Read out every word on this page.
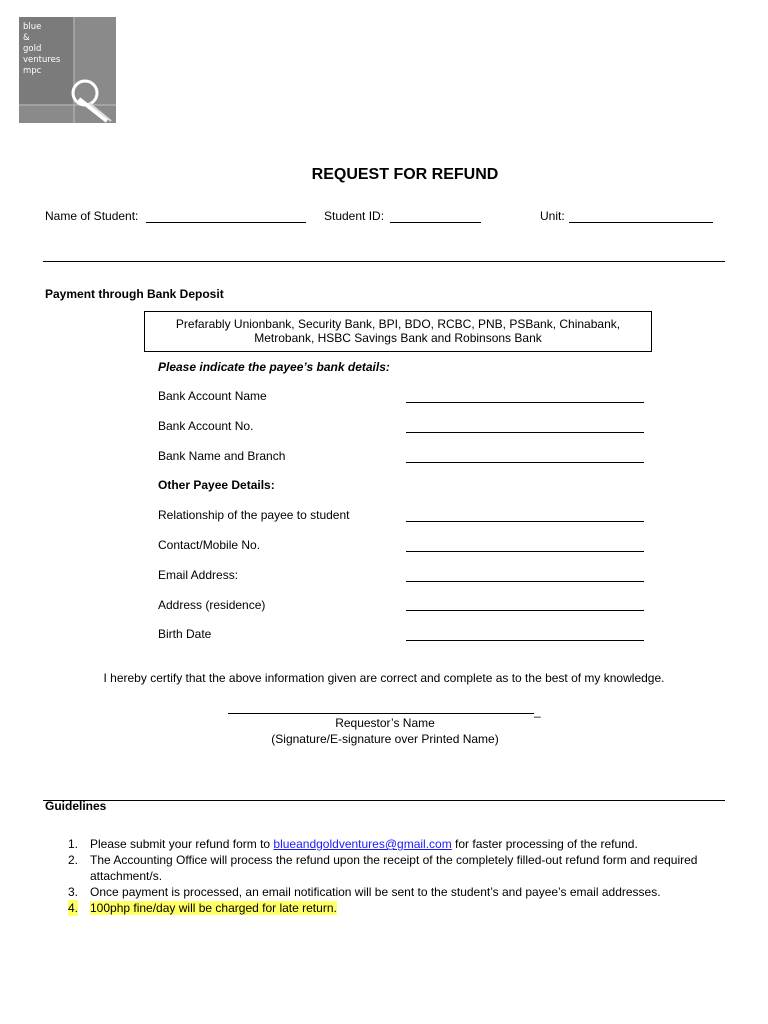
blue
&
gold
ventures
mpc
REQUEST FOR REFUND
Name of Student:	Student ID:	Unit:
Payment through Bank Deposit
Prefarably Unionbank, Security Bank, BPI, BDO, RCBC, PNB, PSBank, Chinabank,
Metrobank, HSBC Savings Bank and Robinsons Bank
Please indicate the payee’s bank details:
Bank Account Name
Bank Account No.
Bank Name and Branch
Other Payee Details:
Relationship of the payee to student
Contact/Mobile No.
Email Address:
Address (residence)
Birth Date
I hereby certify that the above information given are correct and complete as to the best of my knowledge.
_
Requestor’s Name
(Signature/E-signature over Printed Name)
Guidelines
1. Please submit your refund form to blueandgoldventures@gmail.com for faster processing of the refund.
2. The Accounting Office will process the refund upon the receipt of the completely filled-out refund form and required attachment/s.
3. Once payment is processed, an email notification will be sent to the student’s and payee’s email addresses.
4. 100php fine/day will be charged for late return.
